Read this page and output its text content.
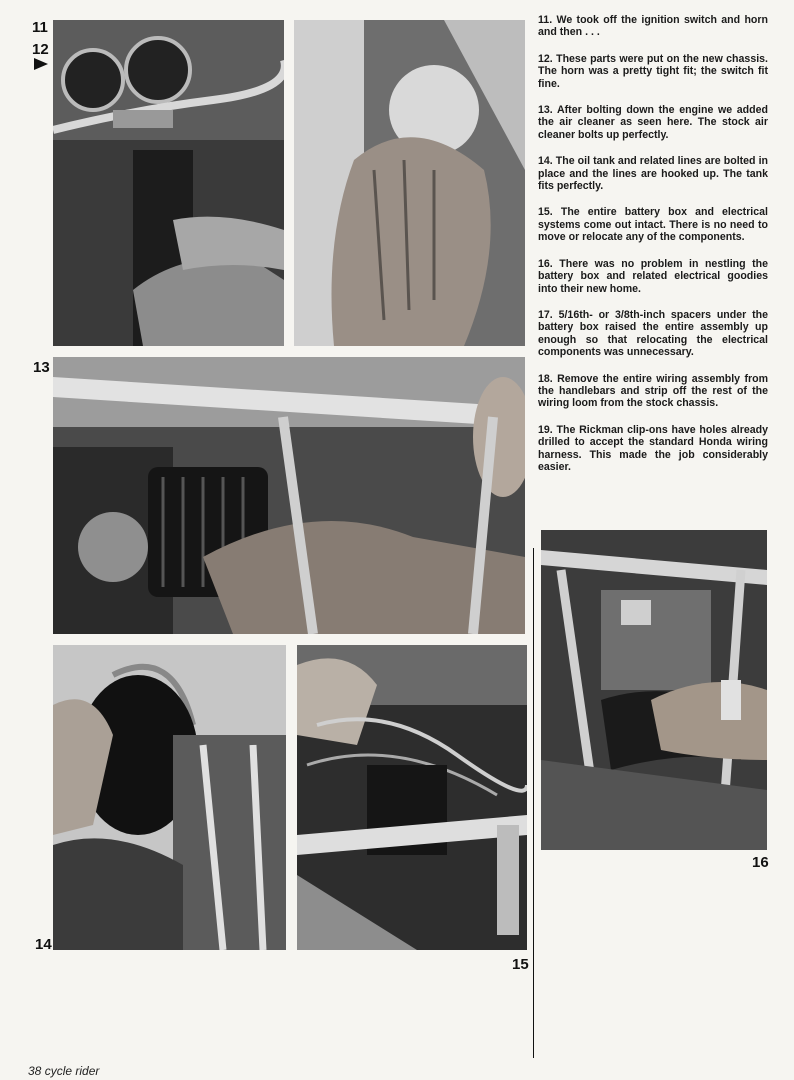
11
12
13
14
15
16

11. We took off the ignition switch and horn and then . . .

12. These parts were put on the new chassis. The horn was a pretty tight fit; the switch fit fine.

13. After bolting down the engine we added the air cleaner as seen here. The stock air cleaner bolts up perfectly.

14. The oil tank and related lines are bolted in place and the lines are hooked up. The tank fits perfectly.

15. The entire battery box and electrical systems come out intact. There is no need to move or relocate any of the components.

16. There was no problem in nestling the battery box and related electrical goodies into their new home.

17. 5/16th- or 3/8th-inch spacers under the battery box raised the entire assembly up enough so that relocating the electrical components was unnecessary.

18. Remove the entire wiring assembly from the handlebars and strip off the rest of the wiring loom from the stock chassis.

19. The Rickman clip-ons have holes already drilled to accept the standard Honda wiring harness. This made the job considerably easier.

38 cycle rider
